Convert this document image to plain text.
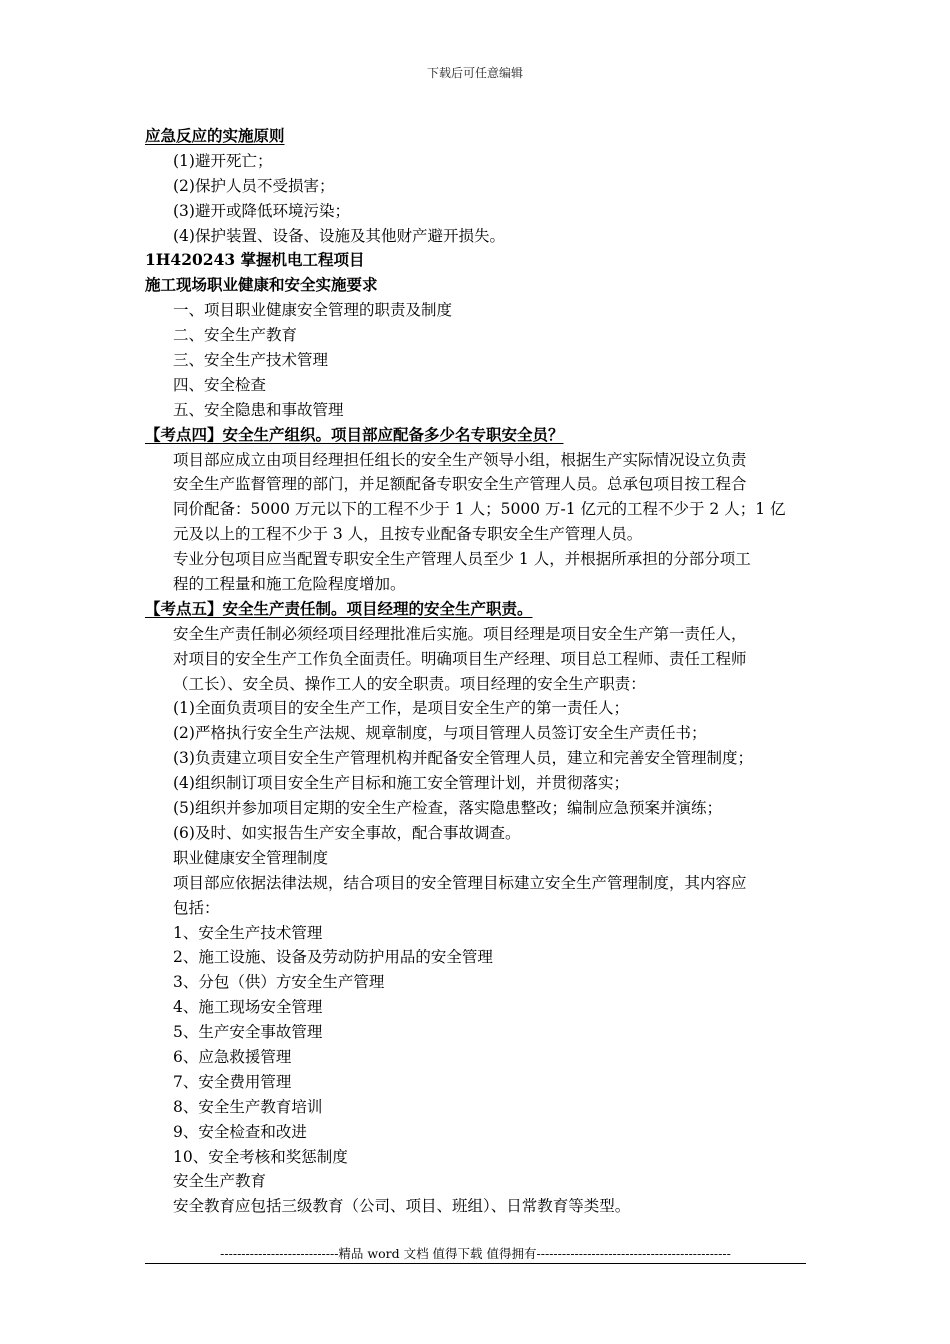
下载后可任意编辑
应急反应的实施原则
(1)避开死亡；
(2)保护人员不受损害；
(3)避开或降低环境污染；
(4)保护装置、设备、设施及其他财产避开损失。
1H420243 掌握机电工程项目
施工现场职业健康和安全实施要求
一、项目职业健康安全管理的职责及制度
二、安全生产教育
三、安全生产技术管理
四、安全检查
五、安全隐患和事故管理
【考点四】安全生产组织。项目部应配备多少名专职安全员？
项目部应成立由项目经理担任组长的安全生产领导小组，根据生产实际情况设立负责
安全生产监督管理的部门，并足额配备专职安全生产管理人员。总承包项目按工程合
同价配备：5000 万元以下的工程不少于 1 人；5000 万-1 亿元的工程不少于 2 人；1 亿
元及以上的工程不少于 3 人，且按专业配备专职安全生产管理人员。
专业分包项目应当配置专职安全生产管理人员至少 1 人，并根据所承担的分部分项工
程的工程量和施工危险程度增加。
【考点五】安全生产责任制。项目经理的安全生产职责。
安全生产责任制必须经项目经理批准后实施。项目经理是项目安全生产第一责任人，
对项目的安全生产工作负全面责任。明确项目生产经理、项目总工程师、责任工程师
（工长）、安全员、操作工人的安全职责。项目经理的安全生产职责：
(1)全面负责项目的安全生产工作，是项目安全生产的第一责任人；
(2)严格执行安全生产法规、规章制度，与项目管理人员签订安全生产责任书；
(3)负责建立项目安全生产管理机构并配备安全管理人员，建立和完善安全管理制度；
(4)组织制订项目安全生产目标和施工安全管理计划，并贯彻落实；
(5)组织并参加项目定期的安全生产检查，落实隐患整改；编制应急预案并演练；
(6)及时、如实报告生产安全事故，配合事故调查。
职业健康安全管理制度
项目部应依据法律法规，结合项目的安全管理目标建立安全生产管理制度，其内容应
包括：
1、安全生产技术管理
2、施工设施、设备及劳动防护用品的安全管理
3、分包（供）方安全生产管理
4、施工现场安全管理
5、生产安全事故管理
6、应急救援管理
7、安全费用管理
8、安全生产教育培训
9、安全检查和改进
10、安全考核和奖惩制度
安全生产教育
安全教育应包括三级教育（公司、项目、班组）、日常教育等类型。
----------------------------精品 word 文档 值得下载 值得拥有----------------------------------------------
